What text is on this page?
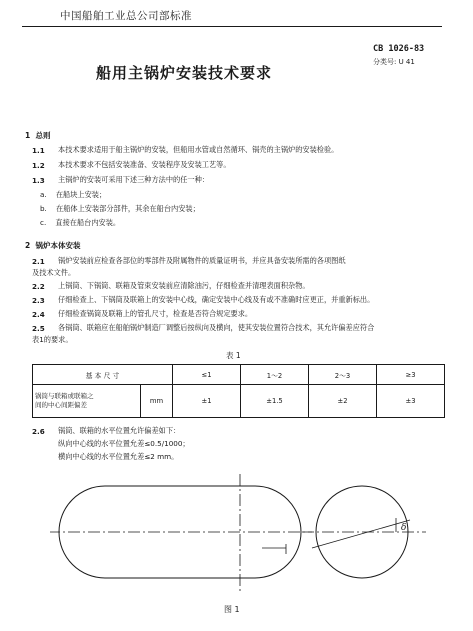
中国船舶工业总公司部标准
CB 1026-83
分类号: U 41
船用主锅炉安装技术要求
1 总则
1.1 本技术要求适用于船主锅炉的安装，但船用水管或自然循环、锅壳的主锅炉的安装检验。
1.2 本技术要求不包括安装准备、安装程序及安装工艺等。
1.3 主锅炉的安装可采用下述三种方法中的任一种：
a. 在船块上安装；
b. 在船体上安装部分部件，其余在船台内安装；
c. 直接在船台内安装。
2 锅炉本体安装
2.1 锅炉安装前应检查各部位的零部件及附属物件的质量证明书，并应具备安装所需的各项图纸
及技术文件。
2.2 上锅筒、下锅筒、联箱及管束安装前应清除油污，仔细检查并清理表面积杂物。
2.3 仔细检查上、下锅筒及联箱上的安装中心线，确定安装中心线及有或不准确时应更正，并重新标出。
2.4 仔细检查锅筒及联箱上的管孔尺寸，检查是否符合规定要求。
2.5 各锅筒、联箱应在船舶锅炉制造厂调整后按纵向及横向，使其安装位置符合技术，其允许偏差应符合
表1的要求。
表 1
基 本 尺 寸		≤1	1～2	2～3	≥3

锅筒与联箱或联箱之
间的中心间距偏差	mm	±1	±1.5	±2	±3
2.6 锅筒、联箱的水平位置允许偏差如下：
纵向中心线的水平位置允差≤0.5/1000；
横向中心线的水平位置允差≤2 mm。
δ
图 1
